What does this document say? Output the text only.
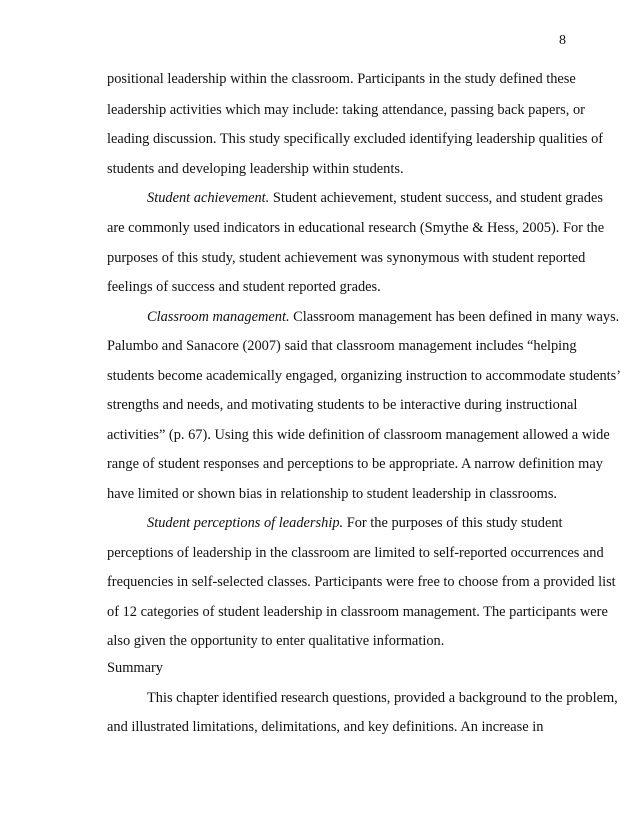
8
positional leadership within the classroom. Participants in the study defined these
leadership activities which may include: taking attendance, passing back papers, or
leading discussion. This study specifically excluded identifying leadership qualities of
students and developing leadership within students.
Student achievement. Student achievement, student success, and student grades
are commonly used indicators in educational research (Smythe & Hess, 2005). For the
purposes of this study, student achievement was synonymous with student reported
feelings of success and student reported grades.
Classroom management. Classroom management has been defined in many ways.
Palumbo and Sanacore (2007) said that classroom management includes “helping
students become academically engaged, organizing instruction to accommodate students’
strengths and needs, and motivating students to be interactive during instructional
activities” (p. 67). Using this wide definition of classroom management allowed a wide
range of student responses and perceptions to be appropriate. A narrow definition may
have limited or shown bias in relationship to student leadership in classrooms.
Student perceptions of leadership. For the purposes of this study student
perceptions of leadership in the classroom are limited to self-reported occurrences and
frequencies in self-selected classes. Participants were free to choose from a provided list
of 12 categories of student leadership in classroom management. The participants were
also given the opportunity to enter qualitative information.
Summary
This chapter identified research questions, provided a background to the problem,
and illustrated limitations, delimitations, and key definitions. An increase in
